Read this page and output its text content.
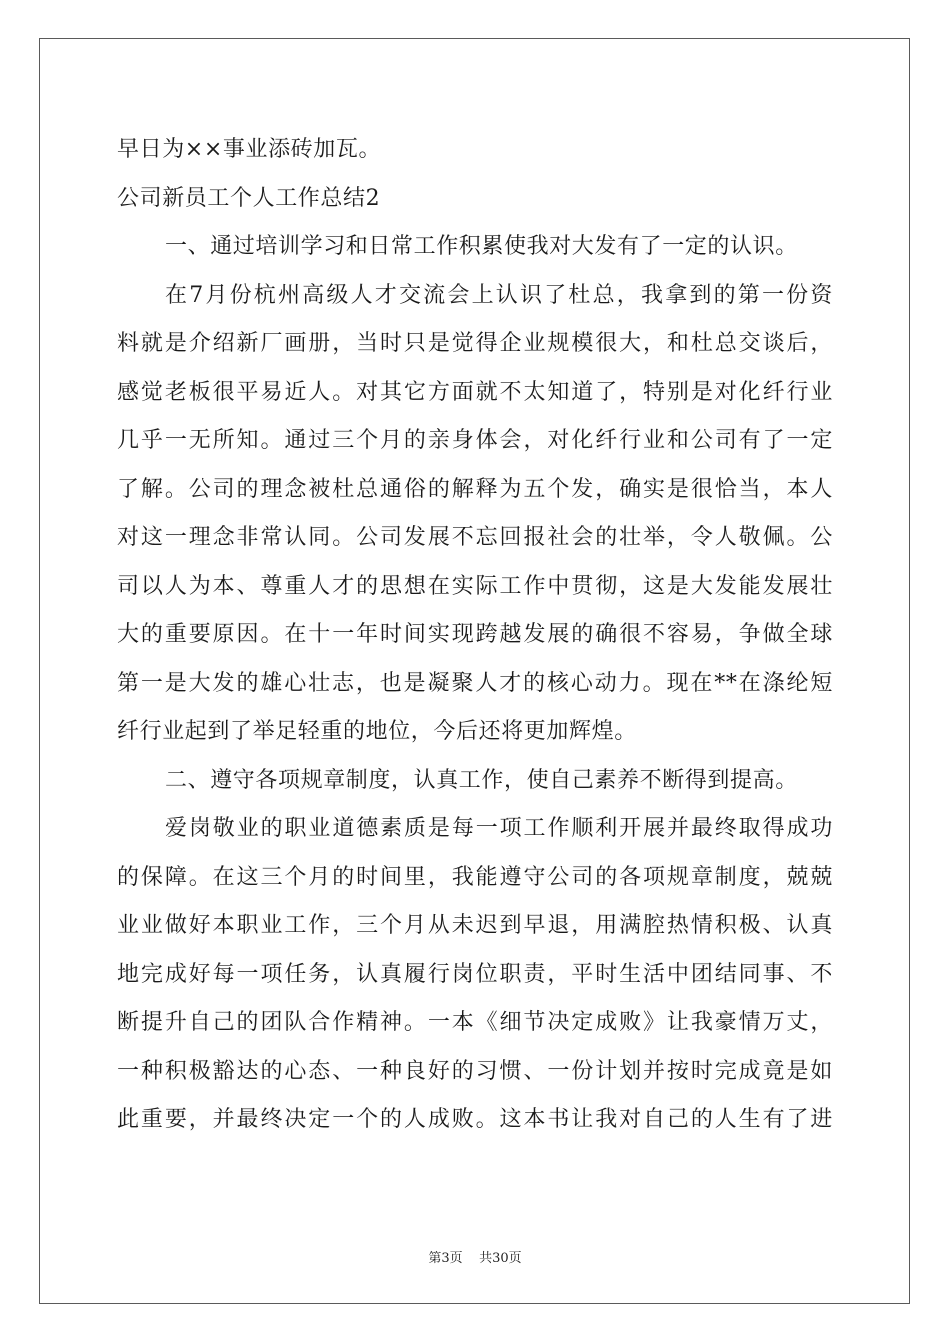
早日为××事业添砖加瓦。
公司新员工个人工作总结2
一、通过培训学习和日常工作积累使我对大发有了一定的认识。
在7月份杭州高级人才交流会上认识了杜总，我拿到的第一份资
料就是介绍新厂画册，当时只是觉得企业规模很大，和杜总交谈后，
感觉老板很平易近人。对其它方面就不太知道了，特别是对化纤行业
几乎一无所知。通过三个月的亲身体会，对化纤行业和公司有了一定
了解。公司的理念被杜总通俗的解释为五个发，确实是很恰当，本人
对这一理念非常认同。公司发展不忘回报社会的壮举，令人敬佩。公
司以人为本、尊重人才的思想在实际工作中贯彻，这是大发能发展壮
大的重要原因。在十一年时间实现跨越发展的确很不容易，争做全球
第一是大发的雄心壮志，也是凝聚人才的核心动力。现在**在涤纶短
纤行业起到了举足轻重的地位，今后还将更加辉煌。
二、遵守各项规章制度，认真工作，使自己素养不断得到提高。
爱岗敬业的职业道德素质是每一项工作顺利开展并最终取得成功
的保障。在这三个月的时间里，我能遵守公司的各项规章制度，兢兢
业业做好本职业工作，三个月从未迟到早退，用满腔热情积极、认真
地完成好每一项任务，认真履行岗位职责，平时生活中团结同事、不
断提升自己的团队合作精神。一本《细节决定成败》让我豪情万丈，
一种积极豁达的心态、一种良好的习惯、一份计划并按时完成竟是如
此重要，并最终决定一个的人成败。这本书让我对自己的人生有了进
第3页    共30页
